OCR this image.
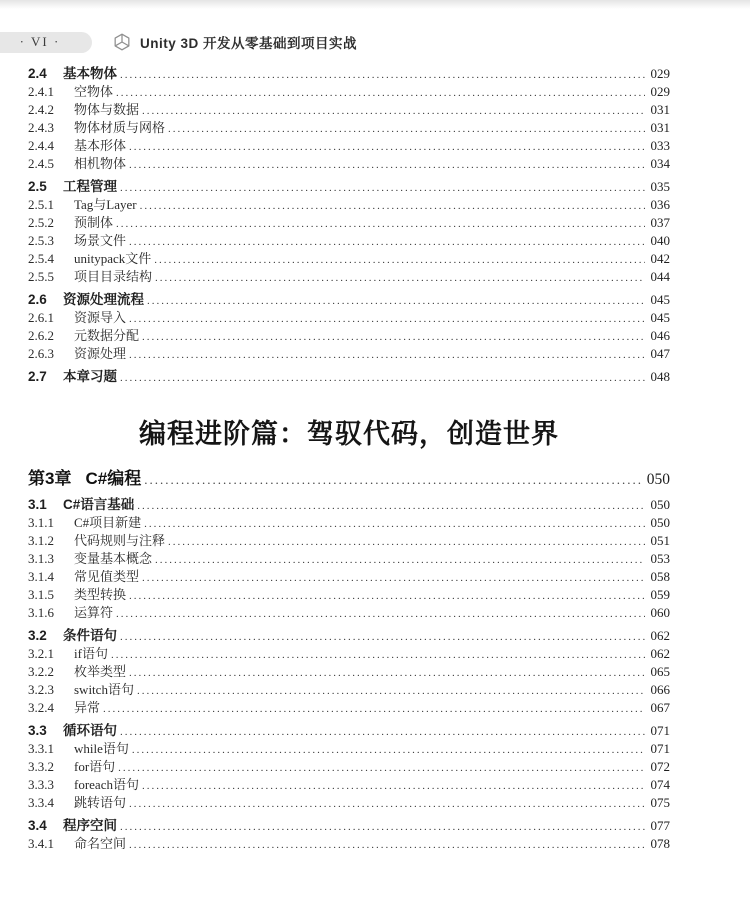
· VI ·	Unity 3D 开发从零基础到项目实战
2.4	基本物体 .....	029
2.4.1	空物体 .....	029
2.4.2	物体与数据 .....	031
2.4.3	物体材质与网格 .....	031
2.4.4	基本形体 .....	033
2.4.5	相机物体 .....	034
2.5	工程管理 .....	035
2.5.1	Tag与Layer .....	036
2.5.2	预制体 .....	037
2.5.3	场景文件 .....	040
2.5.4	unitypack文件 .....	042
2.5.5	项目目录结构 .....	044
2.6	资源处理流程 .....	045
2.6.1	资源导入 .....	045
2.6.2	元数据分配 .....	046
2.6.3	资源处理 .....	047
2.7	本章习题 .....	048
编程进阶篇：驾驭代码，创造世界
第3章 C#编程 .....	050
3.1	C#语言基础 .....	050
3.1.1	C#项目新建 .....	050
3.1.2	代码规则与注释 .....	051
3.1.3	变量基本概念 .....	053
3.1.4	常见值类型 .....	058
3.1.5	类型转换 .....	059
3.1.6	运算符 .....	060
3.2	条件语句 .....	062
3.2.1	if语句 .....	062
3.2.2	枚举类型 .....	065
3.2.3	switch语句 .....	066
3.2.4	异常 .....	067
3.3	循环语句 .....	071
3.3.1	while语句 .....	071
3.3.2	for语句 .....	072
3.3.3	foreach语句 .....	074
3.3.4	跳转语句 .....	075
3.4	程序空间 .....	077
3.4.1	命名空间 .....	078
